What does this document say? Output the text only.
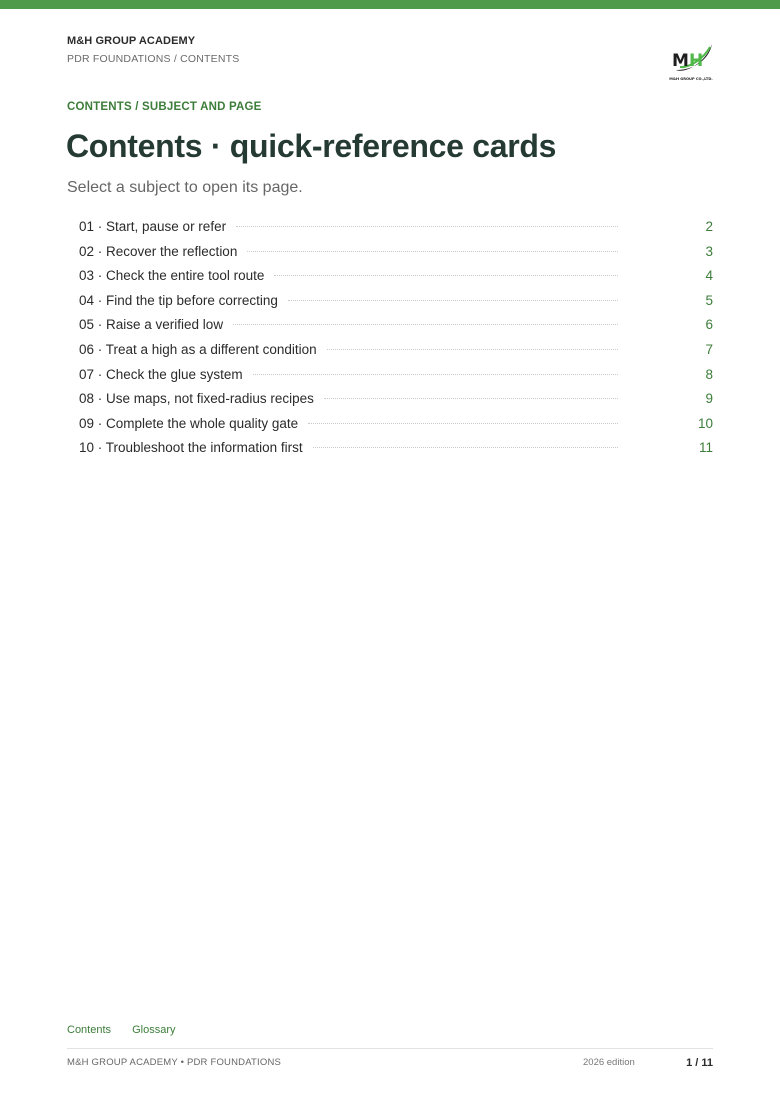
M&H GROUP ACADEMY
PDR FOUNDATIONS / CONTENTS	M H
M&H GROUP CO.,LTD.
CONTENTS / SUBJECT AND PAGE
Contents · quick-reference cards
Select a subject to open its page.
01 · Start, pause or refer	2
02 · Recover the reflection	3
03 · Check the entire tool route	4
04 · Find the tip before correcting	5
05 · Raise a verified low	6
06 · Treat a high as a different condition	7
07 · Check the glue system	8
08 · Use maps, not fixed-radius recipes	9
09 · Complete the whole quality gate	10
10 · Troubleshoot the information first	11
Contents Glossary
M&H GROUP ACADEMY • PDR FOUNDATIONS	2026 edition	1 / 11
